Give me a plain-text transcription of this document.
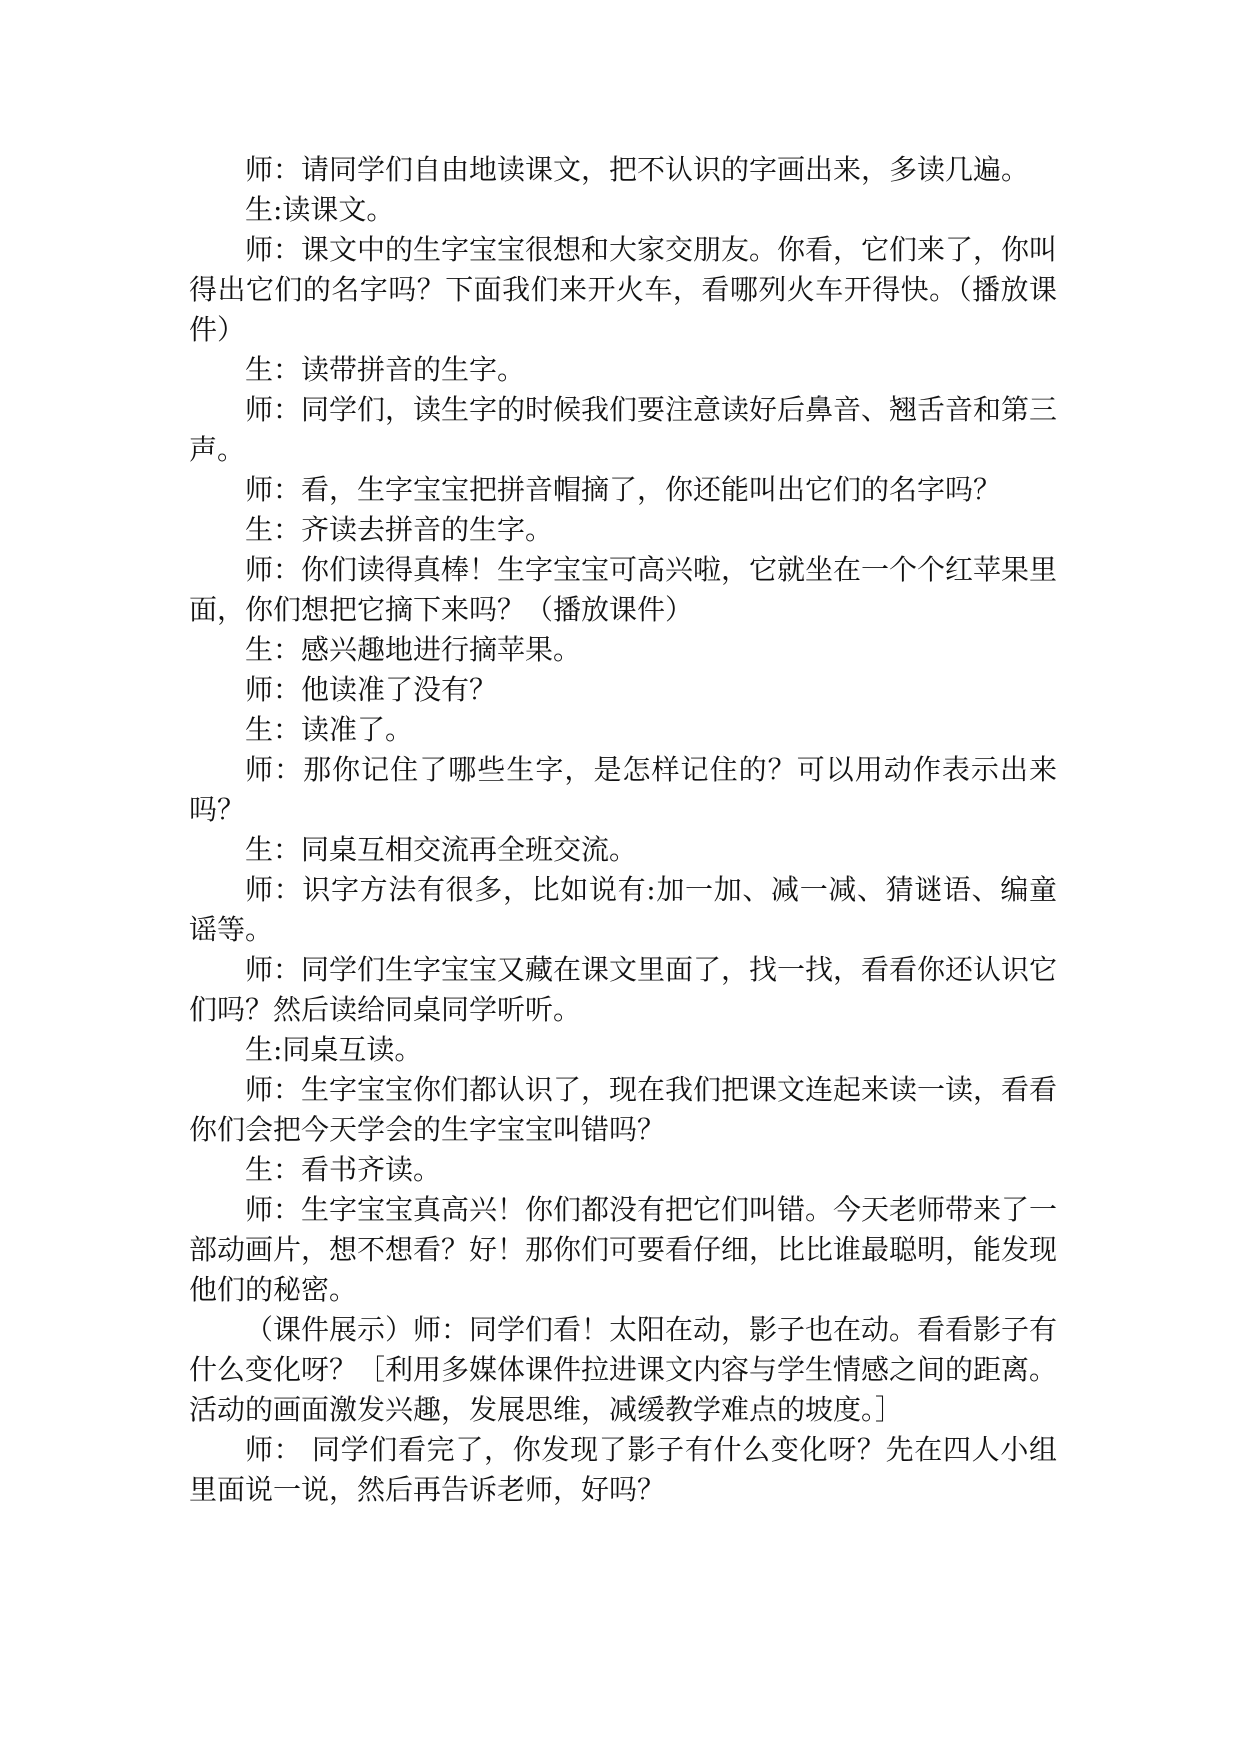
师：请同学们自由地读课文，把不认识的字画出来，多读几遍。

生:读课文。

师：课文中的生字宝宝很想和大家交朋友。你看，它们来了，你叫得出它们的名字吗？下面我们来开火车，看哪列火车开得快。（播放课件）

生：读带拼音的生字。

师：同学们，读生字的时候我们要注意读好后鼻音、翘舌音和第三声。

师：看，生字宝宝把拼音帽摘了，你还能叫出它们的名字吗？

生：齐读去拼音的生字。

师：你们读得真棒！生字宝宝可高兴啦，它就坐在一个个红苹果里面，你们想把它摘下来吗？（播放课件）

生：感兴趣地进行摘苹果。

师：他读准了没有？

生：读准了。

师：那你记住了哪些生字，是怎样记住的？可以用动作表示出来吗？

生：同桌互相交流再全班交流。

师：识字方法有很多，比如说有:加一加、减一减、猜谜语、编童谣等。

师：同学们生字宝宝又藏在课文里面了，找一找，看看你还认识它们吗？然后读给同桌同学听听。

生:同桌互读。

师：生字宝宝你们都认识了，现在我们把课文连起来读一读，看看你们会把今天学会的生字宝宝叫错吗？

生：看书齐读。

师：生字宝宝真高兴！你们都没有把它们叫错。今天老师带来了一部动画片，想不想看？好！那你们可要看仔细，比比谁最聪明，能发现他们的秘密。

（课件展示）师：同学们看！太阳在动，影子也在动。看看影子有什么变化呀？［利用多媒体课件拉进课文内容与学生情感之间的距离。活动的画面激发兴趣，发展思维，减缓教学难点的坡度。］

师： 同学们看完了，你发现了影子有什么变化呀？先在四人小组里面说一说，然后再告诉老师，好吗？
